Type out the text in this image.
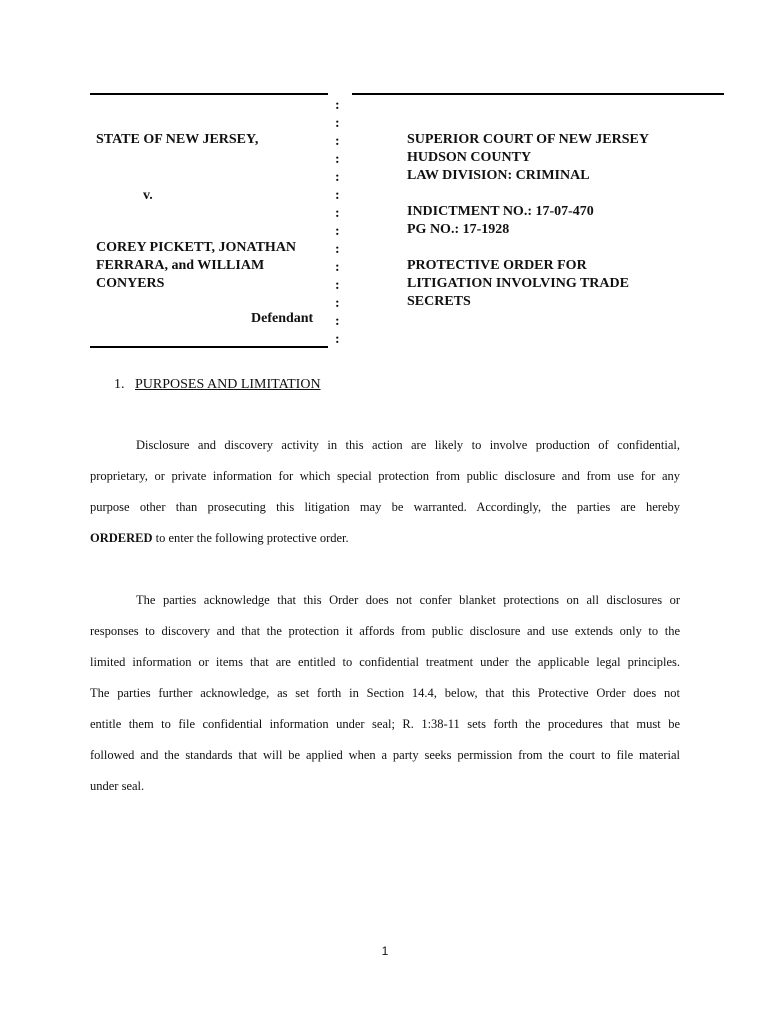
:
:
:
:
:
:
:
:
:
:
:
:
:
:
STATE OF NEW JERSEY,
v.
COREY PICKETT, JONATHAN
FERRARA, and WILLIAM
CONYERS
Defendant
SUPERIOR COURT OF NEW JERSEY
HUDSON COUNTY
LAW DIVISION: CRIMINAL
INDICTMENT NO.: 17-07-470
PG NO.: 17-1928
PROTECTIVE ORDER FOR
LITIGATION INVOLVING TRADE
SECRETS
1. PURPOSES AND LIMITATION
Disclosure and discovery activity in this action are likely to involve production of confidential,
proprietary, or private information for which special protection from public disclosure and from use for any
purpose other than prosecuting this litigation may be warranted. Accordingly, the parties are hereby
ORDERED to enter the following protective order.
The parties acknowledge that this Order does not confer blanket protections on all disclosures or
responses to discovery and that the protection it affords from public disclosure and use extends only to the
limited information or items that are entitled to confidential treatment under the applicable legal principles.
The parties further acknowledge, as set forth in Section 14.4, below, that this Protective Order does not
entitle them to file confidential information under seal; R. 1:38-11 sets forth the procedures that must be
followed and the standards that will be applied when a party seeks permission from the court to file material
under seal.
1
